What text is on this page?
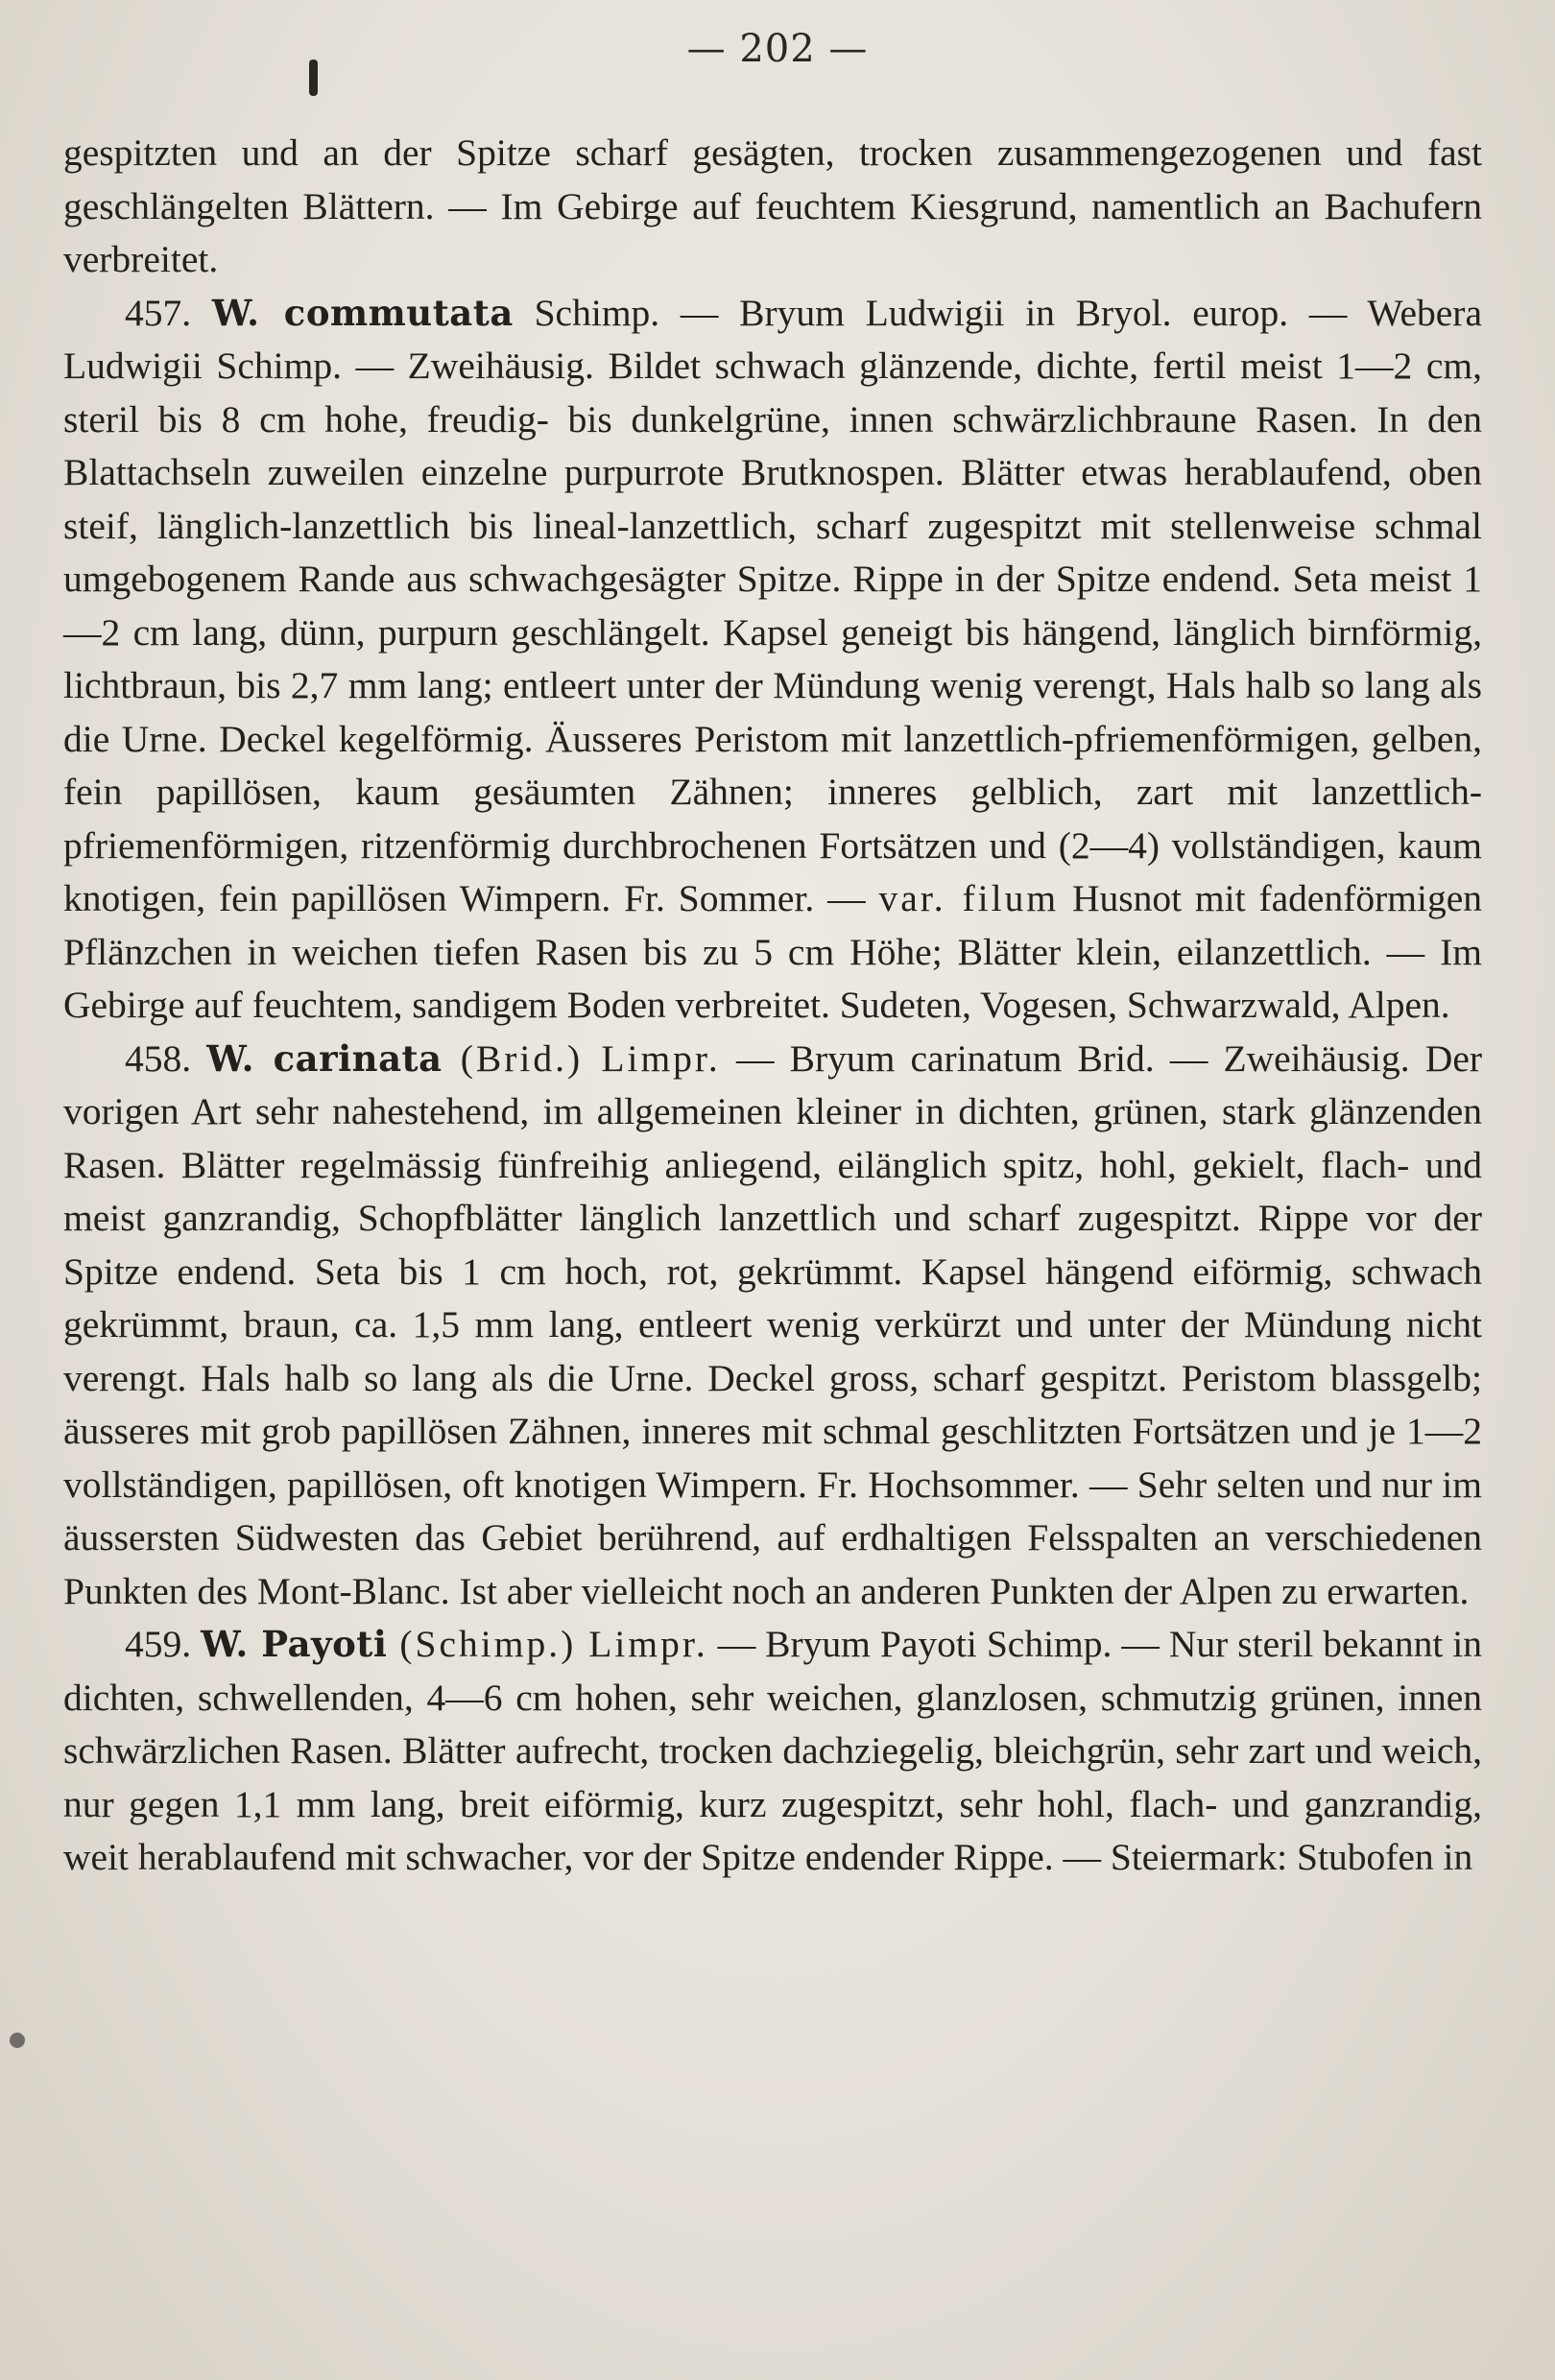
— 202 —

gespitzten und an der Spitze scharf gesägten, trocken zusammengezogenen und fast geschlängelten Blättern. — Im Gebirge auf feuchtem Kiesgrund, namentlich an Bachufern verbreitet.

457. W. commutata Schimp. — Bryum Ludwigii in Bryol. europ. — Webera Ludwigii Schimp. — Zweihäusig. Bildet schwach glänzende, dichte, fertil meist 1—2 cm, steril bis 8 cm hohe, freudig- bis dunkelgrüne, innen schwärzlichbraune Rasen. In den Blattachseln zuweilen einzelne purpurrote Brutknospen. Blätter etwas herablaufend, oben steif, länglich-lanzettlich bis lineal-lanzettlich, scharf zugespitzt mit stellenweise schmal umgebogenem Rande aus schwachgesägter Spitze. Rippe in der Spitze endend. Seta meist 1—2 cm lang, dünn, purpurn geschlängelt. Kapsel geneigt bis hängend, länglich birnförmig, lichtbraun, bis 2,7 mm lang; entleert unter der Mündung wenig verengt, Hals halb so lang als die Urne. Deckel kegelförmig. Äusseres Peristom mit lanzettlich-pfriemenförmigen, gelben, fein papillösen, kaum gesäumten Zähnen; inneres gelblich, zart mit lanzettlich-pfriemenförmigen, ritzenförmig durchbrochenen Fortsätzen und (2—4) vollständigen, kaum knotigen, fein papillösen Wimpern. Fr. Sommer. — var. filum Husnot mit fadenförmigen Pflänzchen in weichen tiefen Rasen bis zu 5 cm Höhe; Blätter klein, eilanzettlich. — Im Gebirge auf feuchtem, sandigem Boden verbreitet. Sudeten, Vogesen, Schwarzwald, Alpen.

458. W. carinata (Brid.) Limpr. — Bryum carinatum Brid. — Zweihäusig. Der vorigen Art sehr nahestehend, im allgemeinen kleiner in dichten, grünen, stark glänzenden Rasen. Blätter regelmässig fünfreihig anliegend, eilänglich spitz, hohl, gekielt, flach- und meist ganzrandig, Schopfblätter länglich lanzettlich und scharf zugespitzt. Rippe vor der Spitze endend. Seta bis 1 cm hoch, rot, gekrümmt. Kapsel hängend eiförmig, schwach gekrümmt, braun, ca. 1,5 mm lang, entleert wenig verkürzt und unter der Mündung nicht verengt. Hals halb so lang als die Urne. Deckel gross, scharf gespitzt. Peristom blassgelb; äusseres mit grob papillösen Zähnen, inneres mit schmal geschlitzten Fortsätzen und je 1—2 vollständigen, papillösen, oft knotigen Wimpern. Fr. Hochsommer. — Sehr selten und nur im äussersten Südwesten das Gebiet berührend, auf erdhaltigen Felsspalten an verschiedenen Punkten des Mont-Blanc. Ist aber vielleicht noch an anderen Punkten der Alpen zu erwarten.

459. W. Payoti (Schimp.) Limpr. — Bryum Payoti Schimp. — Nur steril bekannt in dichten, schwellenden, 4—6 cm hohen, sehr weichen, glanzlosen, schmutzig grünen, innen schwärzlichen Rasen. Blätter aufrecht, trocken dachziegelig, bleichgrün, sehr zart und weich, nur gegen 1,1 mm lang, breit eiförmig, kurz zugespitzt, sehr hohl, flach- und ganzrandig, weit herablaufend mit schwacher, vor der Spitze endender Rippe. — Steiermark: Stubofen in
